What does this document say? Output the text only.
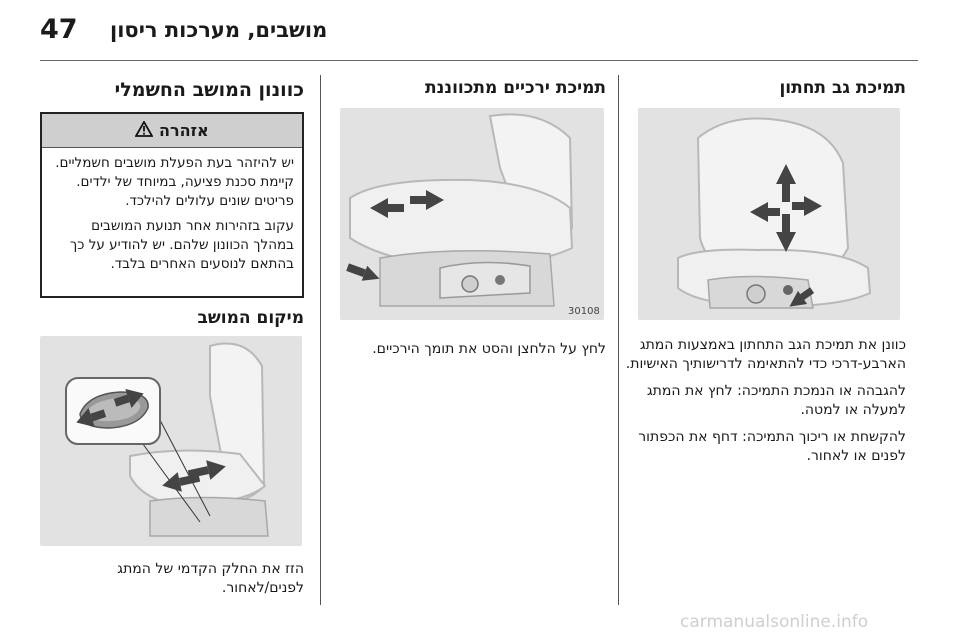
47 מושבים, מערכות ריסון
תמיכת גב תחתון
כוונן את תמיכת הגב התחתון באמצעות המתג הארבע-דרכי כדי להתאימה לדרישותיך האישיות.
להגבהה או הנמכת התמיכה: לחץ את המתג למעלה או למטה.
להקשחת או ריכוך התמיכה: דחף את הכפתור לפנים או לאחור.
תמיכת ירכיים מתכווננת
30108
לחץ על הלחצן והסט את תומך הירכיים.
כוונון המושב החשמלי
אזהרה
יש להיזהר בעת הפעלת מושבים חשמליים. קיימת סכנת פציעה, במיוחד של ילדים. פריטים שונים עלולים להילכד.
עקוב בזהירות אחר תנועת המושבים במהלך הכוונון שלהם. יש להודיע על כך בהתאם לנוסעים האחרים בלבד.
מיקום המושב
הזז את החלק הקדמי של המתג לפנים/לאחור.
carmanualsonline.info
